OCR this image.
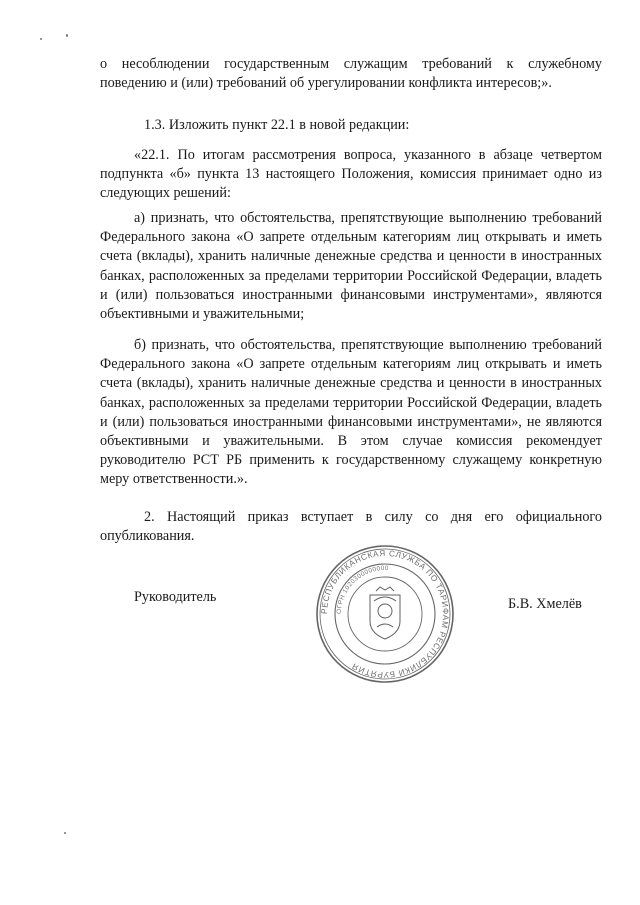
о несоблюдении государственным служащим требований к служебному поведению и (или) требований об урегулировании конфликта интересов;».

1.3. Изложить пункт 22.1 в новой редакции:

«22.1. По итогам рассмотрения вопроса, указанного в абзаце четвертом подпункта «б» пункта 13 настоящего Положения, комиссия принимает одно из следующих решений:

а) признать, что обстоятельства, препятствующие выполнению требований Федерального закона «О запрете отдельным категориям лиц открывать и иметь счета (вклады), хранить наличные денежные средства и ценности в иностранных банках, расположенных за пределами территории Российской Федерации, владеть и (или) пользоваться иностранными финансовыми инструментами», являются объективными и уважительными;

б) признать, что обстоятельства, препятствующие выполнению требований Федерального закона «О запрете отдельным категориям лиц открывать и иметь счета (вклады), хранить наличные денежные средства и ценности в иностранных банках, расположенных за пределами территории Российской Федерации, владеть и (или) пользоваться иностранными финансовыми инструментами», не являются объективными и уважительными. В этом случае комиссия рекомендует руководителю РСТ РБ применить к государственному служащему конкретную меру ответственности.».

2. Настоящий приказ вступает в силу со дня его официального опубликования.

Руководитель	Б.В. Хмелёв

РЕСПУБЛИКАНСКАЯ СЛУЖБА ПО ТАРИФАМ РЕСПУБЛИКИ БУРЯТИЯ
ОГРН 1020300000000
